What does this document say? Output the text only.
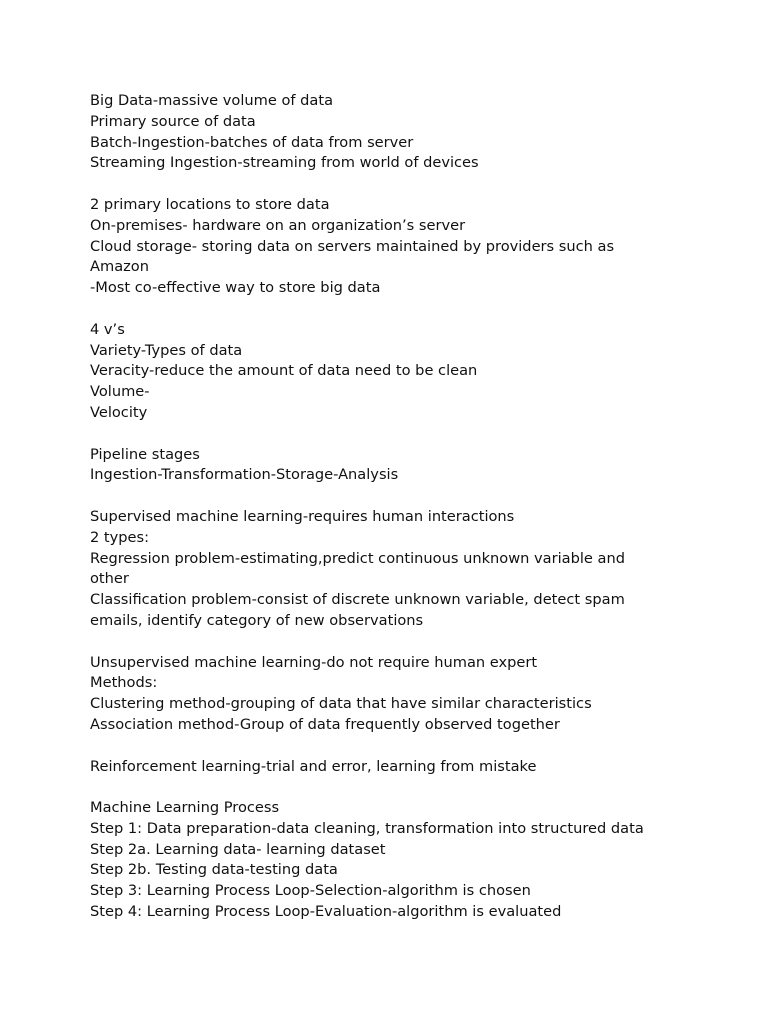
Big Data-massive volume of data
Primary source of data
Batch-Ingestion-batches of data from server
Streaming Ingestion-streaming from world of devices
2 primary locations to store data
On-premises- hardware on an organization’s server
Cloud storage- storing data on servers maintained by providers such as Amazon
-Most co-effective way to store big data
4 v’s
Variety-Types of data
Veracity-reduce the amount of data need to be clean
Volume-
Velocity
Pipeline stages
Ingestion-Transformation-Storage-Analysis
Supervised machine learning-requires human interactions
2 types:
Regression problem-estimating,predict continuous unknown variable and other
Classification problem-consist of discrete unknown variable, detect spam emails, identify category of new observations
Unsupervised machine learning-do not require human expert
Methods:
Clustering method-grouping of data that have similar characteristics
Association method-Group of data frequently observed together
Reinforcement learning-trial and error, learning from mistake
Machine Learning Process
Step 1: Data preparation-data cleaning, transformation into structured data
Step 2a. Learning data- learning dataset
Step 2b. Testing data-testing data
Step 3: Learning Process Loop-Selection-algorithm is chosen
Step 4: Learning Process Loop-Evaluation-algorithm is evaluated
